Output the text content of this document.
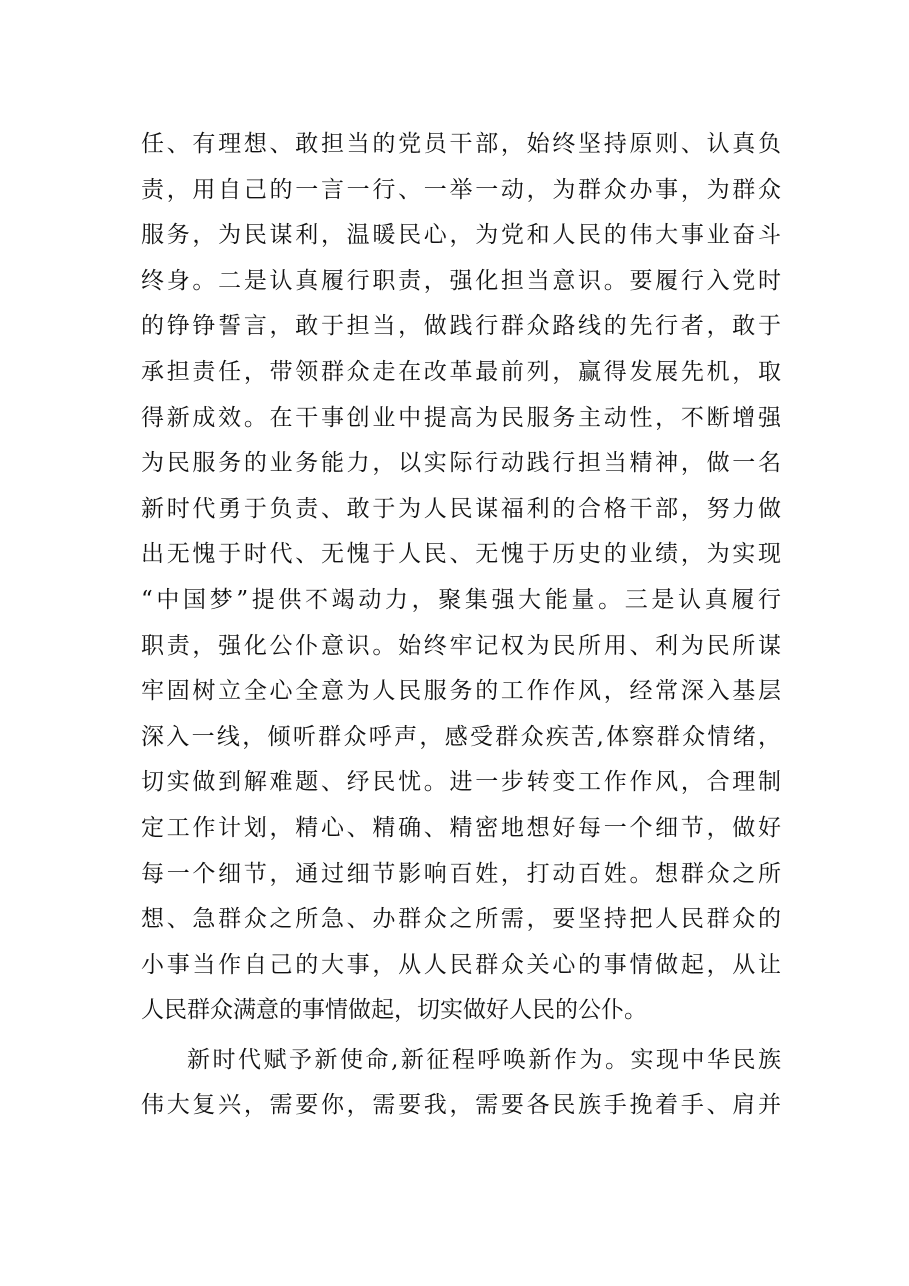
任、有理想、敢担当的党员干部，始终坚持原则、认真负
责，用自己的一言一行、一举一动，为群众办事，为群众
服务，为民谋利，温暖民心，为党和人民的伟大事业奋斗
终身。二是认真履行职责，强化担当意识。要履行入党时
的铮铮誓言，敢于担当，做践行群众路线的先行者，敢于
承担责任，带领群众走在改革最前列，赢得发展先机，取
得新成效。在干事创业中提高为民服务主动性，不断增强
为民服务的业务能力，以实际行动践行担当精神，做一名
新时代勇于负责、敢于为人民谋福利的合格干部，努力做
出无愧于时代、无愧于人民、无愧于历史的业绩，为实现
“中国梦”提供不竭动力，聚集强大能量。三是认真履行
职责，强化公仆意识。始终牢记权为民所用、利为民所谋
牢固树立全心全意为人民服务的工作作风，经常深入基层
深入一线，倾听群众呼声，感受群众疾苦,体察群众情绪，
切实做到解难题、纾民忧。进一步转变工作作风，合理制
定工作计划，精心、精确、精密地想好每一个细节，做好
每一个细节，通过细节影响百姓，打动百姓。想群众之所
想、急群众之所急、办群众之所需，要坚持把人民群众的
小事当作自己的大事，从人民群众关心的事情做起，从让
人民群众满意的事情做起，切实做好人民的公仆。
新时代赋予新使命,新征程呼唤新作为。实现中华民族
伟大复兴，需要你，需要我，需要各民族手挽着手、肩并
